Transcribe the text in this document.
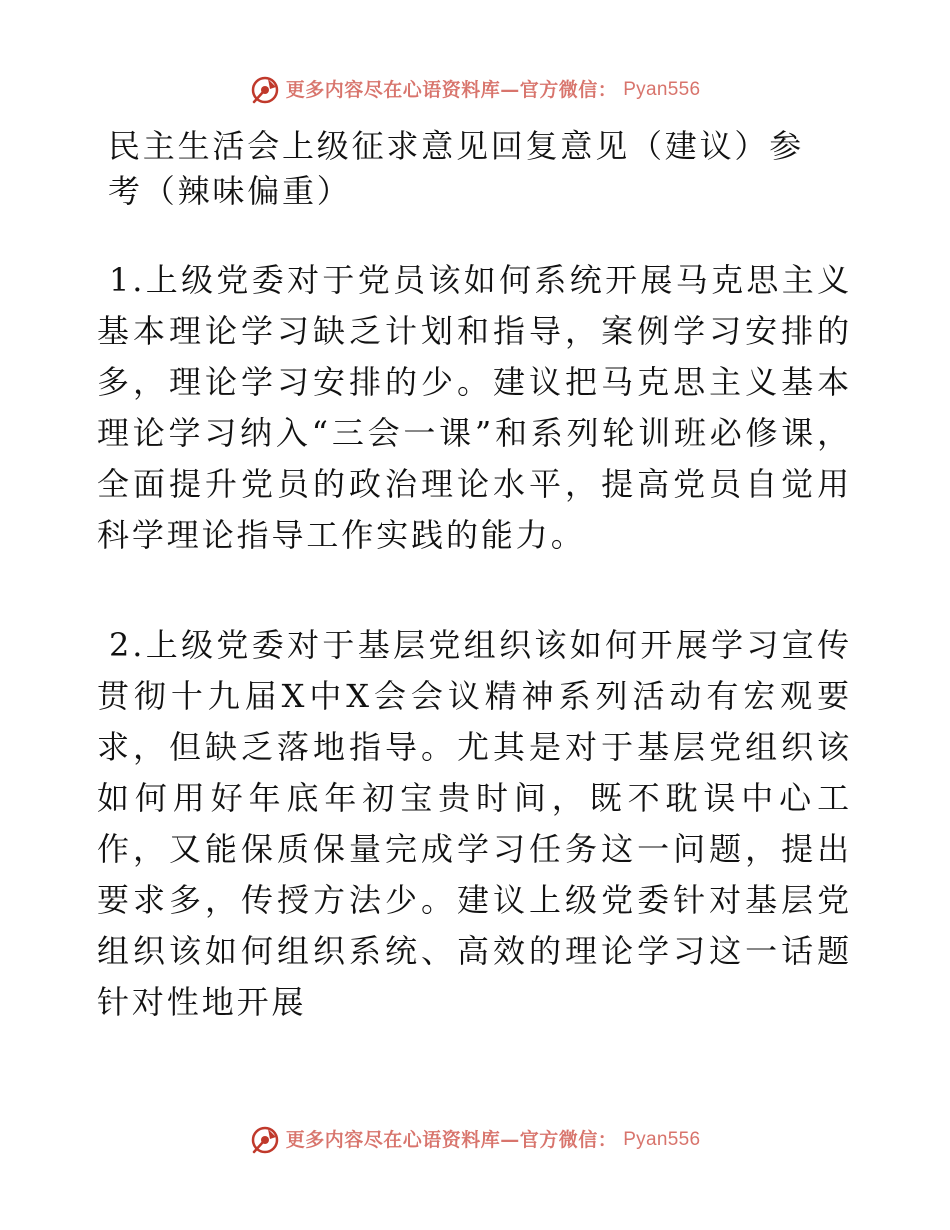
更多内容尽在心语资料库—官方微信： Pyan556
民主生活会上级征求意见回复意见（建议）参考（辣味偏重）

1.上级党委对于党员该如何系统开展马克思主义基本理论学习缺乏计划和指导，案例学习安排的多，理论学习安排的少。建议把马克思主义基本理论学习纳入“三会一课”和系列轮训班必修课，全面提升党员的政治理论水平，提高党员自觉用科学理论指导工作实践的能力。

2.上级党委对于基层党组织该如何开展学习宣传贯彻十九届X中X会会议精神系列活动有宏观要求，但缺乏落地指导。尤其是对于基层党组织该如何用好年底年初宝贵时间，既不耽误中心工作，又能保质保量完成学习任务这一问题，提出要求多，传授方法少。建议上级党委针对基层党组织该如何组织系统、高效的理论学习这一话题针对性地开展

更多内容尽在心语资料库—官方微信： Pyan556
